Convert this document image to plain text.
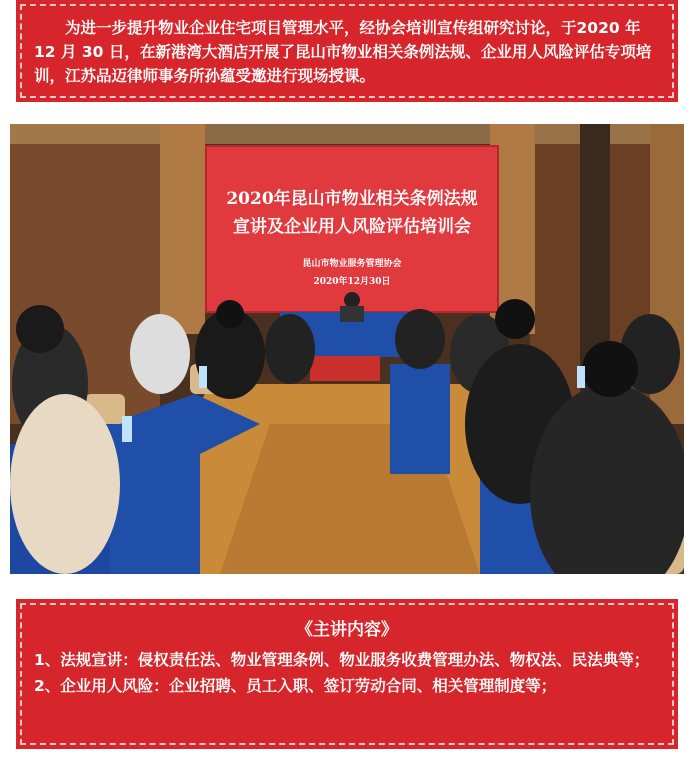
为进一步提升物业企业住宅项目管理水平，经协会培训宣传组研究讨论，于2020 年 12 月 30 日，在新港湾大酒店开展了昆山市物业相关条例法规、企业用人风险评估专项培训，江苏品迈律师事务所孙蕴受邀进行现场授课。
2020年昆山市物业相关条例法规
宣讲及企业用人风险评估培训会
昆山市物业服务管理协会
2020年12月30日
《主讲内容》
1、法规宣讲：侵权责任法、物业管理条例、物业服务收费管理办法、物权法、民法典等；
2、企业用人风险：企业招聘、员工入职、签订劳动合同、相关管理制度等；
